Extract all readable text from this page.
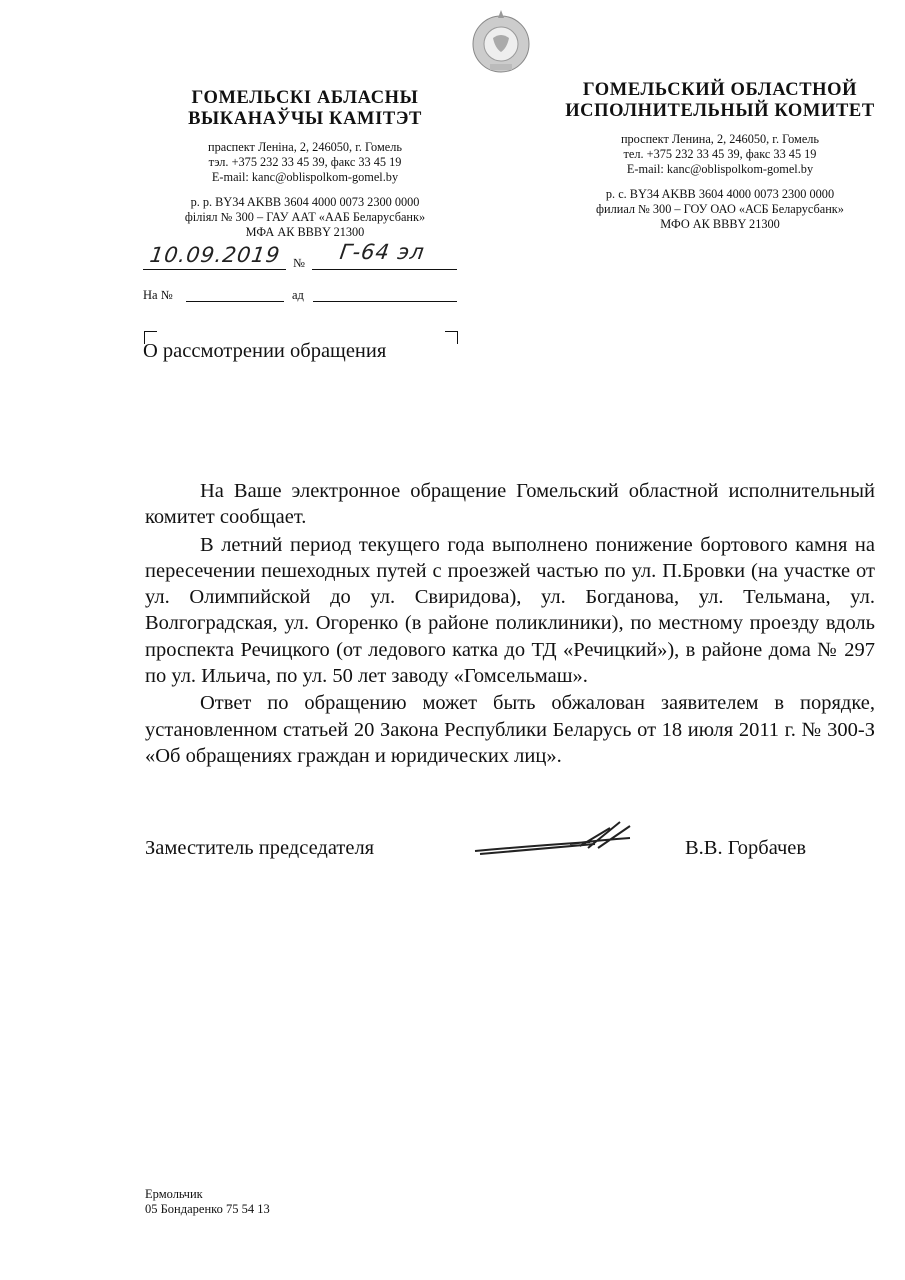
ГОМЕЛЬСКІ АБЛАСНЫ
ВЫКАНАЎЧЫ КАМІТЭТ
праспект Леніна, 2, 246050, г. Гомель
тэл. +375 232 33 45 39, факс 33 45 19
E-mail: kanc@oblispolkom-gomel.by
р. р. BY34 AKBB 3604 4000 0073 2300 0000
філіял № 300 – ГАУ ААТ «ААБ Беларусбанк»
МФА АК BBBY 21300
ГОМЕЛЬСКИЙ ОБЛАСТНОЙ
ИСПОЛНИТЕЛЬНЫЙ КОМИТЕТ
проспект Ленина, 2, 246050, г. Гомель
тел. +375 232 33 45 39, факс 33 45 19
E-mail: kanc@oblispolkom-gomel.by
р. с. BY34 AKBB 3604 4000 0073 2300 0000
филиал № 300 – ГОУ ОАО «АСБ Беларусбанк»
МФО АК BBBY 21300
10.09.2019 № Г-64 эл
На №	ад
О рассмотрении обращения

На Ваше электронное обращение Гомельский областной исполнительный комитет сообщает.

В летний период текущего года выполнено понижение бортового камня на пересечении пешеходных путей с проезжей частью по ул. П.Бровки (на участке от ул. Олимпийской до ул. Свиридова), ул. Богданова, ул. Тельмана, ул. Волгоградская, ул. Огоренко (в районе поликлиники), по местному проезду вдоль проспекта Речицкого (от ледового катка до ТД «Речицкий»), в районе дома № 297 по ул. Ильича, по ул. 50 лет заводу «Гомсельмаш».

Ответ по обращению может быть обжалован заявителем в порядке, установленном статьей 20 Закона Республики Беларусь от 18 июля 2011 г. № 300-З «Об обращениях граждан и юридических лиц».

Заместитель председателя	В.В. Горбачев
Ермольчик
05 Бондаренко 75 54 13
